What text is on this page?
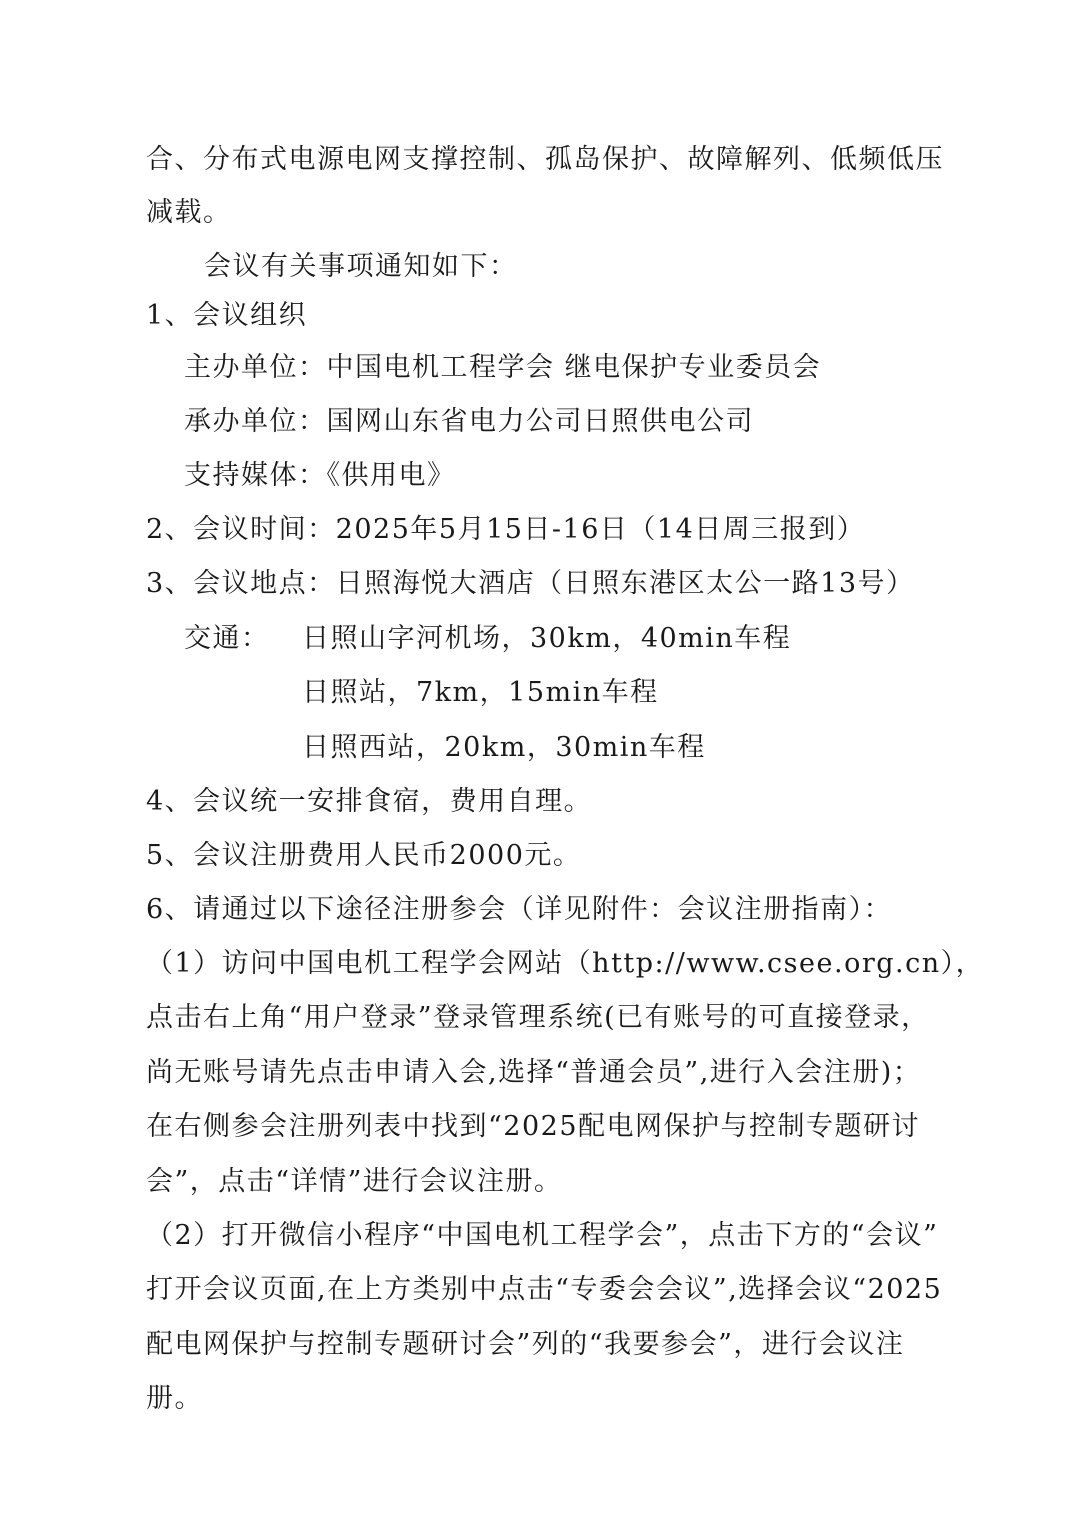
合、分布式电源电网支撑控制、孤岛保护、故障解列、低频低压
减载。
会议有关事项通知如下：
1、会议组织
主办单位：中国电机工程学会 继电保护专业委员会
承办单位：国网山东省电力公司日照供电公司
支持媒体：《供用电》
2、会议时间：2025年5月15日-16日（14日周三报到）
3、会议地点：日照海悦大酒店（日照东港区太公一路13号）
交通： 日照山字河机场，30km，40min车程
日照站，7km，15min车程
日照西站，20km，30min车程
4、会议统一安排食宿，费用自理。
5、会议注册费用人民币2000元。
6、请通过以下途径注册参会（详见附件：会议注册指南）：
（1）访问中国电机工程学会网站（http://www.csee.org.cn），
点击右上角“用户登录”登录管理系统(已有账号的可直接登录，
尚无账号请先点击申请入会,选择“普通会员”,进行入会注册)；
在右侧参会注册列表中找到“2025配电网保护与控制专题研讨
会”，点击“详情”进行会议注册。
（2）打开微信小程序“中国电机工程学会”，点击下方的“会议”
打开会议页面,在上方类别中点击“专委会会议”,选择会议“2025
配电网保护与控制专题研讨会”列的“我要参会”，进行会议注
册。
